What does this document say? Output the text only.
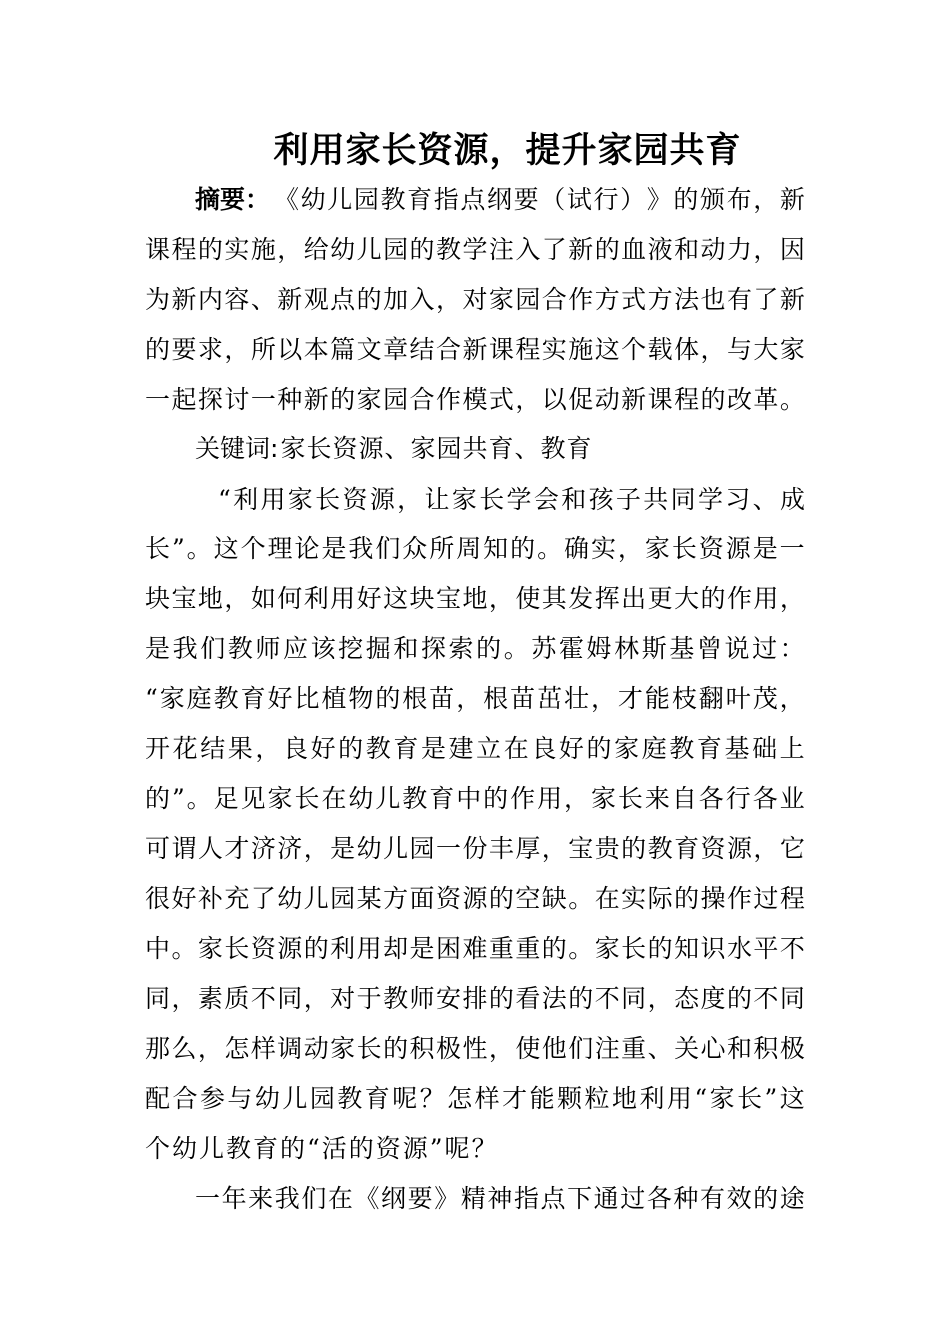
利用家长资源，提升家园共育
摘要： 《 幼 儿 园 教 育 指 点 纲 要 （ 试 行 ） 》 的 颁 布 ， 新
课 程 的 实 施 ， 给 幼 儿 园 的 教 学 注 入 了 新 的 血 液 和 动 力 ， 因
为 新 内 容 、 新 观 点 的 加 入 ， 对 家 园 合 作 方 式 方 法 也 有 了 新
的 要 求 ， 所 以 本 篇 文 章 结 合 新 课 程 实 施 这 个 载 体 ， 与 大 家
一 起 探 讨 一 种 新 的 家 园 合 作 模 式 ， 以 促 动 新 课 程 的 改 革 。
关键词: 家长资源、家园共育、教育
“ 利 用 家 长 资 源 ， 让 家 长 学 会 和 孩 子 共 同 学 习 、 成
长 ” 。 这 个 理 论 是 我 们 众 所 周 知 的 。 确 实 ， 家 长 资 源 是 一
块 宝 地 ， 如 何 利 用 好 这 块 宝 地 ， 使 其 发 挥 出 更 大 的 作 用 ，
是 我 们 教 师 应 该 挖 掘 和 探 索 的 。 苏 霍 姆 林 斯 基 曾 说 过 ：
“ 家 庭 教 育 好 比 植 物 的 根 苗 ， 根 苗 茁 壮 ， 才 能 枝 翻 叶 茂 ，
开 花 结 果 ， 良 好 的 教 育 是 建 立 在 良 好 的 家 庭 教 育 基 础 上
的 ” 。 足 见 家 长 在 幼 儿 教 育 中 的 作 用 ， 家 长 来 自 各 行 各 业
可 谓 人 才 济 济 ， 是 幼 儿 园 一 份 丰 厚 ， 宝 贵 的 教 育 资 源 ， 它
很 好 补 充 了 幼 儿 园 某 方 面 资 源 的 空 缺 。 在 实 际 的 操 作 过 程
中 。 家 长 资 源 的 利 用 却 是 困 难 重 重 的 。 家 长 的 知 识 水 平 不
同 ， 素 质 不 同 ， 对 于 教 师 安 排 的 看 法 的 不 同 ， 态 度 的 不 同
那 么 ， 怎 样 调 动 家 长 的 积 极 性 ， 使 他 们 注 重 、 关 心 和 积 极
配 合 参 与 幼 儿 园 教 育 呢 ？ 怎 样 才 能 颗 粒 地 利 用 “ 家 长 ” 这
个幼儿教育的“活的资源”呢？
一 年 来 我 们 在 《 纲 要 》 精 神 指 点 下 通 过 各 种 有 效 的 途
